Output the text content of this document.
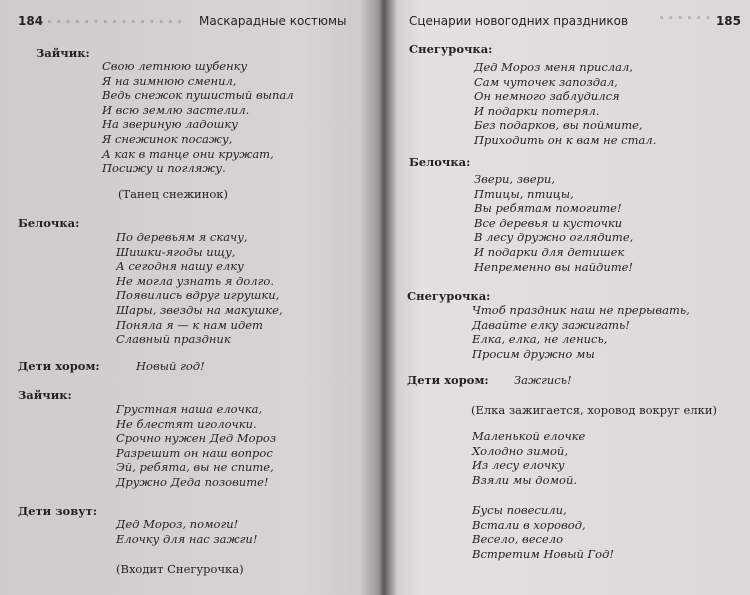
184 ◦◦◦◦◦◦◦◦◦◦◦◦◦◦◦ Маскарадные костюмы
Зайчик:
Свою летнюю шубенку
Я на зимнюю сменил,
Ведь снежок пушистый выпал
И всю землю застелил.
На звериную ладошку
Я снежинок посажу,
А как в танце они кружат,
Посижу и погляжу.
(Танец снежинок)
Белочка:
По деревьям я скачу,
Шишки-ягоды ищу,
А сегодня нашу елку
Не могла узнать я долго.
Появились вдруг игрушки,
Шары, звезды на макушке,
Поняла я — к нам идет
Славный праздник
Дети хором:	Новый год!
Зайчик:
Грустная наша елочка,
Не блестят иголочки.
Срочно нужен Дед Мороз
Разрешит он наш вопрос
Эй, ребята, вы не спите,
Дружно Деда позовите!
Дети зовут:
Дед Мороз, помоги!
Елочку для нас зажги!
(Входит Снегурочка)
Сценарии новогодних праздников	◦◦◦◦◦◦ 185
Снегурочка:
Дед Мороз меня прислал,
Сам чуточек запоздал,
Он немного заблудился
И подарки потерял.
Без подарков, вы поймите,
Приходить он к вам не стал.
Белочка:
Звери, звери,
Птицы, птицы,
Вы ребятам помогите!
Все деревья и кусточки
В лесу дружно оглядите,
И подарки для детишек
Непременно вы найдите!
Снегурочка:
Чтоб праздник наш не прерывать,
Давайте елку зажигать!
Елка, елка, не ленись,
Просим дружно мы
Дети хором: Зажгись!
(Елка зажигается, хоровод вокруг елки)
Маленькой елочке
Холодно зимой,
Из лесу елочку
Взяли мы домой.
Бусы повесили,
Встали в хоровод,
Весело, весело
Встретим Новый Год!
